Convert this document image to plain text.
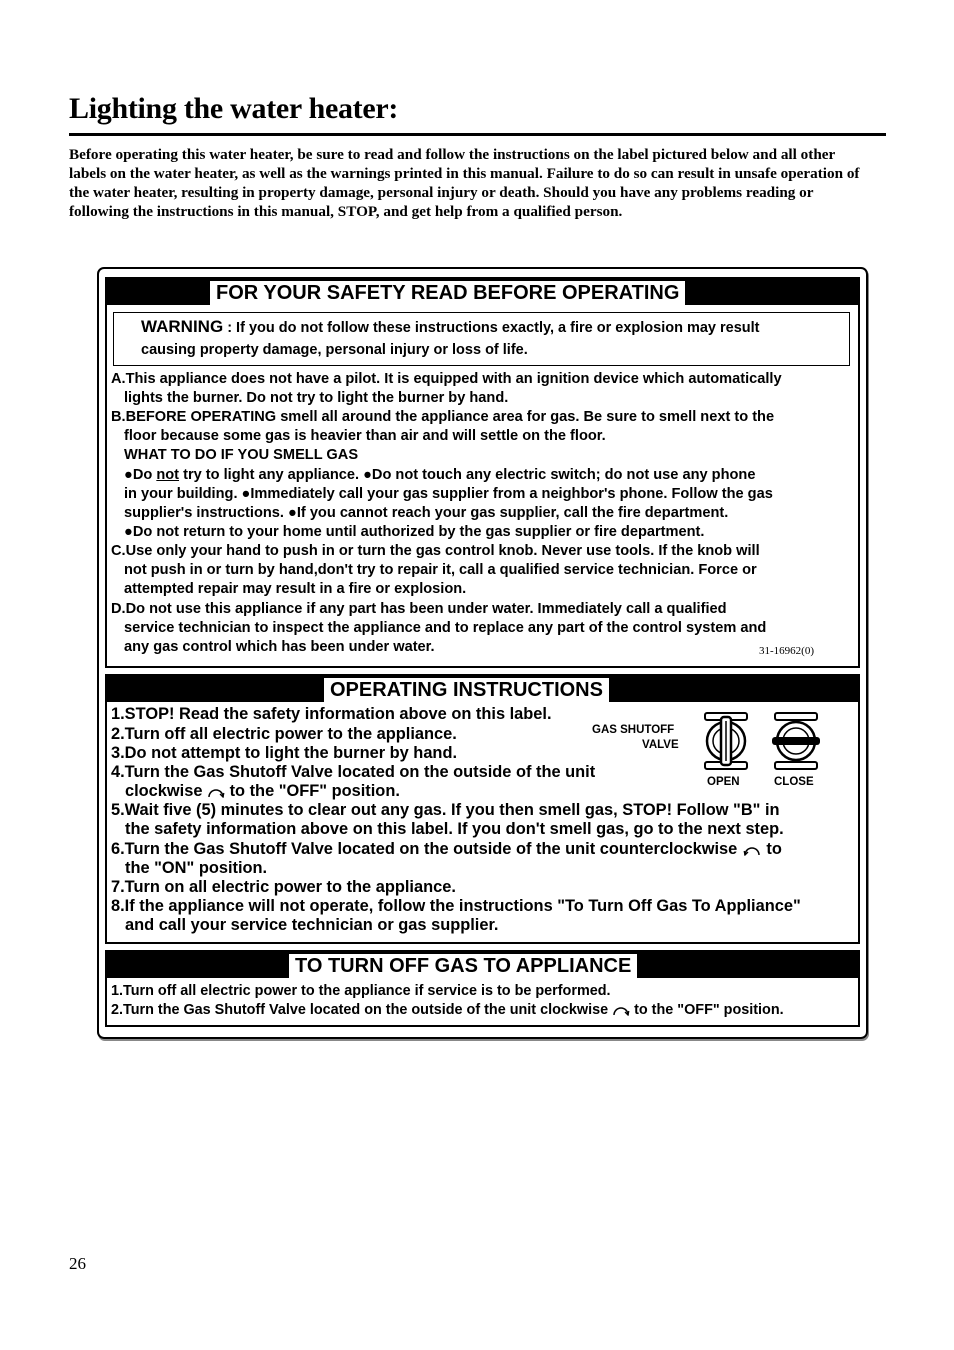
Lighting the water heater:

Before operating this water heater, be sure to read and follow the instructions on the label pictured below and all other labels on the water heater, as well as the warnings printed in this manual. Failure to do so can result in unsafe operation of the water heater, resulting in property damage, personal injury or death. Should you have any problems reading or following the instructions in this manual, STOP, and get help from a qualified person.

FOR YOUR SAFETY READ BEFORE OPERATING
WARNING : If you do not follow these instructions exactly, a fire or explosion may result
causing property damage, personal injury or loss of life.
A.This appliance does not have a pilot. It is equipped with an ignition device which automatically
lights the burner. Do not try to light the burner by hand.
B.BEFORE OPERATING smell all around the appliance area for gas. Be sure to smell next to the
floor because some gas is heavier than air and will settle on the floor.
WHAT TO DO IF YOU SMELL GAS
●Do not try to light any appliance. ●Do not touch any electric switch; do not use any phone
in your building. ●Immediately call your gas supplier from a neighbor's phone. Follow the gas
supplier's instructions. ●If you cannot reach your gas supplier, call the fire department.
●Do not return to your home until authorized by the gas supplier or fire department.
C.Use only your hand to push in or turn the gas control knob. Never use tools. If the knob will
not push in or turn by hand,don't try to repair it, call a qualified service technician. Force or
attempted repair may result in a fire or explosion.
D.Do not use this appliance if any part has been under water. Immediately call a qualified
service technician to inspect the appliance and to replace any part of the control system and
any gas control which has been under water.	31-16962(0)
OPERATING INSTRUCTIONS
1.STOP! Read the safety information above on this label.
2.Turn off all electric power to the appliance.
3.Do not attempt to light the burner by hand.
4.Turn the Gas Shutoff Valve located on the outside of the unit
clockwise  to the "OFF" position.
5.Wait five (5) minutes to clear out any gas. If you then smell gas, STOP! Follow "B" in
the safety information above on this label. If you don't smell gas, go to the next step.
6.Turn the Gas Shutoff Valve located on the outside of the unit counterclockwise  to
the "ON" position.
7.Turn on all electric power to the appliance.
8.If the appliance will not operate, follow the instructions "To Turn Off Gas To Appliance"
and call your service technician or gas supplier.
GAS SHUTOFF
VALVE
OPEN	CLOSE
TO TURN OFF GAS TO APPLIANCE
1.Turn off all electric power to the appliance if service is to be performed.
2.Turn the Gas Shutoff Valve located on the outside of the unit clockwise  to the "OFF" position.
26
